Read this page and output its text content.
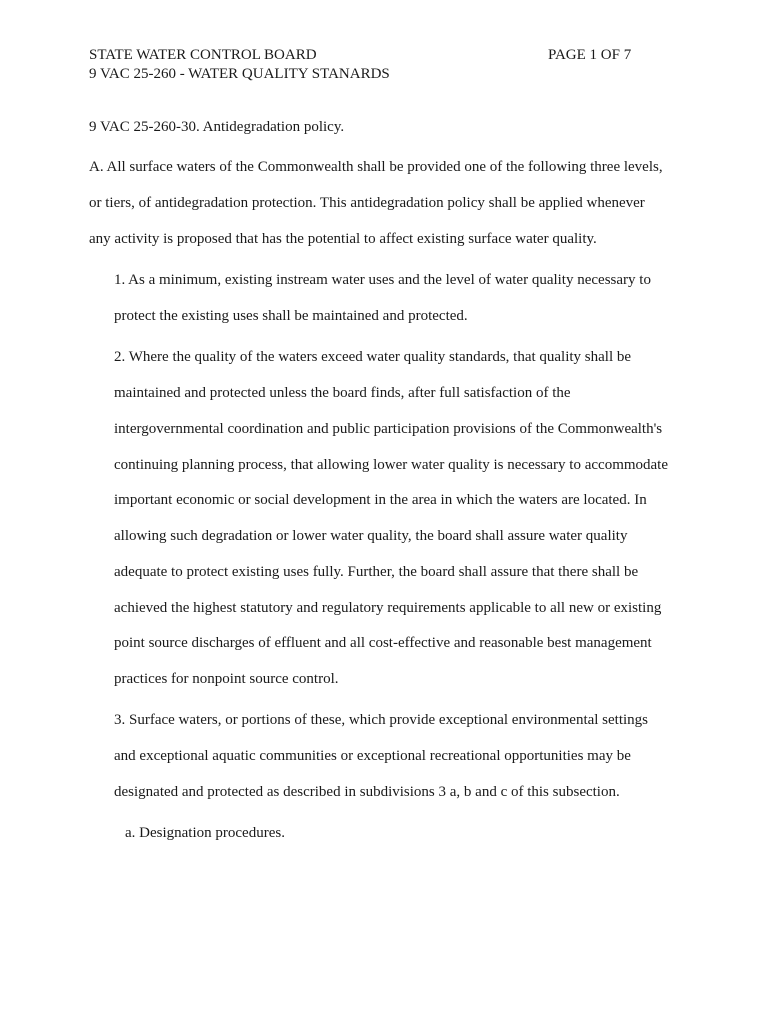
STATE WATER CONTROL BOARD	PAGE 1 OF 7
9 VAC 25-260 - WATER QUALITY STANARDS
9 VAC 25-260-30. Antidegradation policy.
A. All surface waters of the Commonwealth shall be provided one of the following three levels,
or tiers, of antidegradation protection. This antidegradation policy shall be applied whenever
any activity is proposed that has the potential to affect existing surface water quality.
1. As a minimum, existing instream water uses and the level of water quality necessary to
protect the existing uses shall be maintained and protected.
2. Where the quality of the waters exceed water quality standards, that quality shall be
maintained and protected unless the board finds, after full satisfaction of the
intergovernmental coordination and public participation provisions of the Commonwealth's
continuing planning process, that allowing lower water quality is necessary to accommodate
important economic or social development in the area in which the waters are located. In
allowing such degradation or lower water quality, the board shall assure water quality
adequate to protect existing uses fully. Further, the board shall assure that there shall be
achieved the highest statutory and regulatory requirements applicable to all new or existing
point source discharges of effluent and all cost-effective and reasonable best management
practices for nonpoint source control.
3. Surface waters, or portions of these, which provide exceptional environmental settings
and exceptional aquatic communities or exceptional recreational opportunities may be
designated and protected as described in subdivisions 3 a, b and c of this subsection.
a. Designation procedures.
